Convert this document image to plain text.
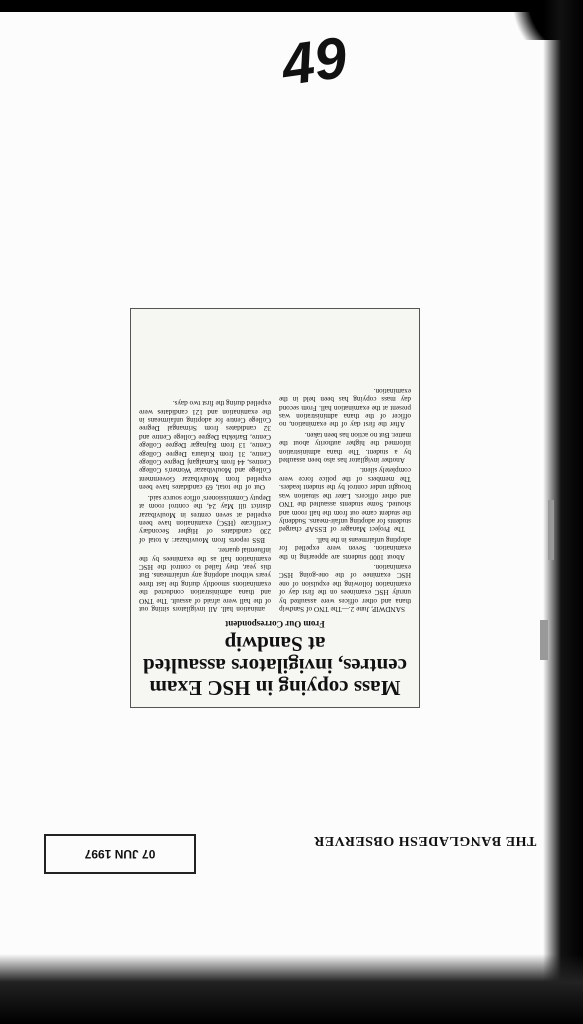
49
Mass copying in HSC Exam centres, invigilators assaulted at Sandwip
From Our Correspondent

SANDWIP, June 2.—The TNO of Sandwip thana and other offices were assaulted by unruly HSC examinees on the first day of examination following the expulsion of one HSC examinee of the one-going HSC examination.

About 1000 students are appearing in the examination. Seven were expelled for adopting unfairmeans in the hall.

The Project Manager of ESSAP charged students for adopting unfair-means. Suddenly the student came out from the hall room and shouted. Some students assaulted the TNO and other officers. Later the situation was brought under control by the student leaders. The members of the police force were completely silent.

Another invigilator has also been assaulted by a student. The thana administration informed the higher authority about the matter. But no action has been taken.

After the first day of the examination, no officer of the thana administration was present at the examination hall. From second day mass copying has been held in the examination.

amination hall. All invigilators sitting out of the hall were afraid of assault. The TNO and thana administration conducted the examinations smoothly during the last three years without adopting any unfairmeans. But this year, they failed to control the HSC examination hall as the examinees by the influential quarter.

BSS reports from Mouvibazar: A total of 230 candidates of Higher Secondary Certificate (HSC) examination have been expelled at seven centres in Moulvibazar district till May 24, the control room at Deputy Commissioners' office source said.

Out of the total, 69 candidates have been expelled from Moulvibazar Government College and Moulvibazar Women's College Centres, 44 from Kamalganj Degree College Centre, 31 from Kulaura Degree College Centre, 13 from Rajnagar Degree College Centre, Barlekha Degree College Centre and 32 candidates from Srimangal Degree College Centre for adopting unfairmeans in the examination and 121 candidates were expelled during the first two days.

THE BANGLADESH OBSERVER
07 JUN 1997
